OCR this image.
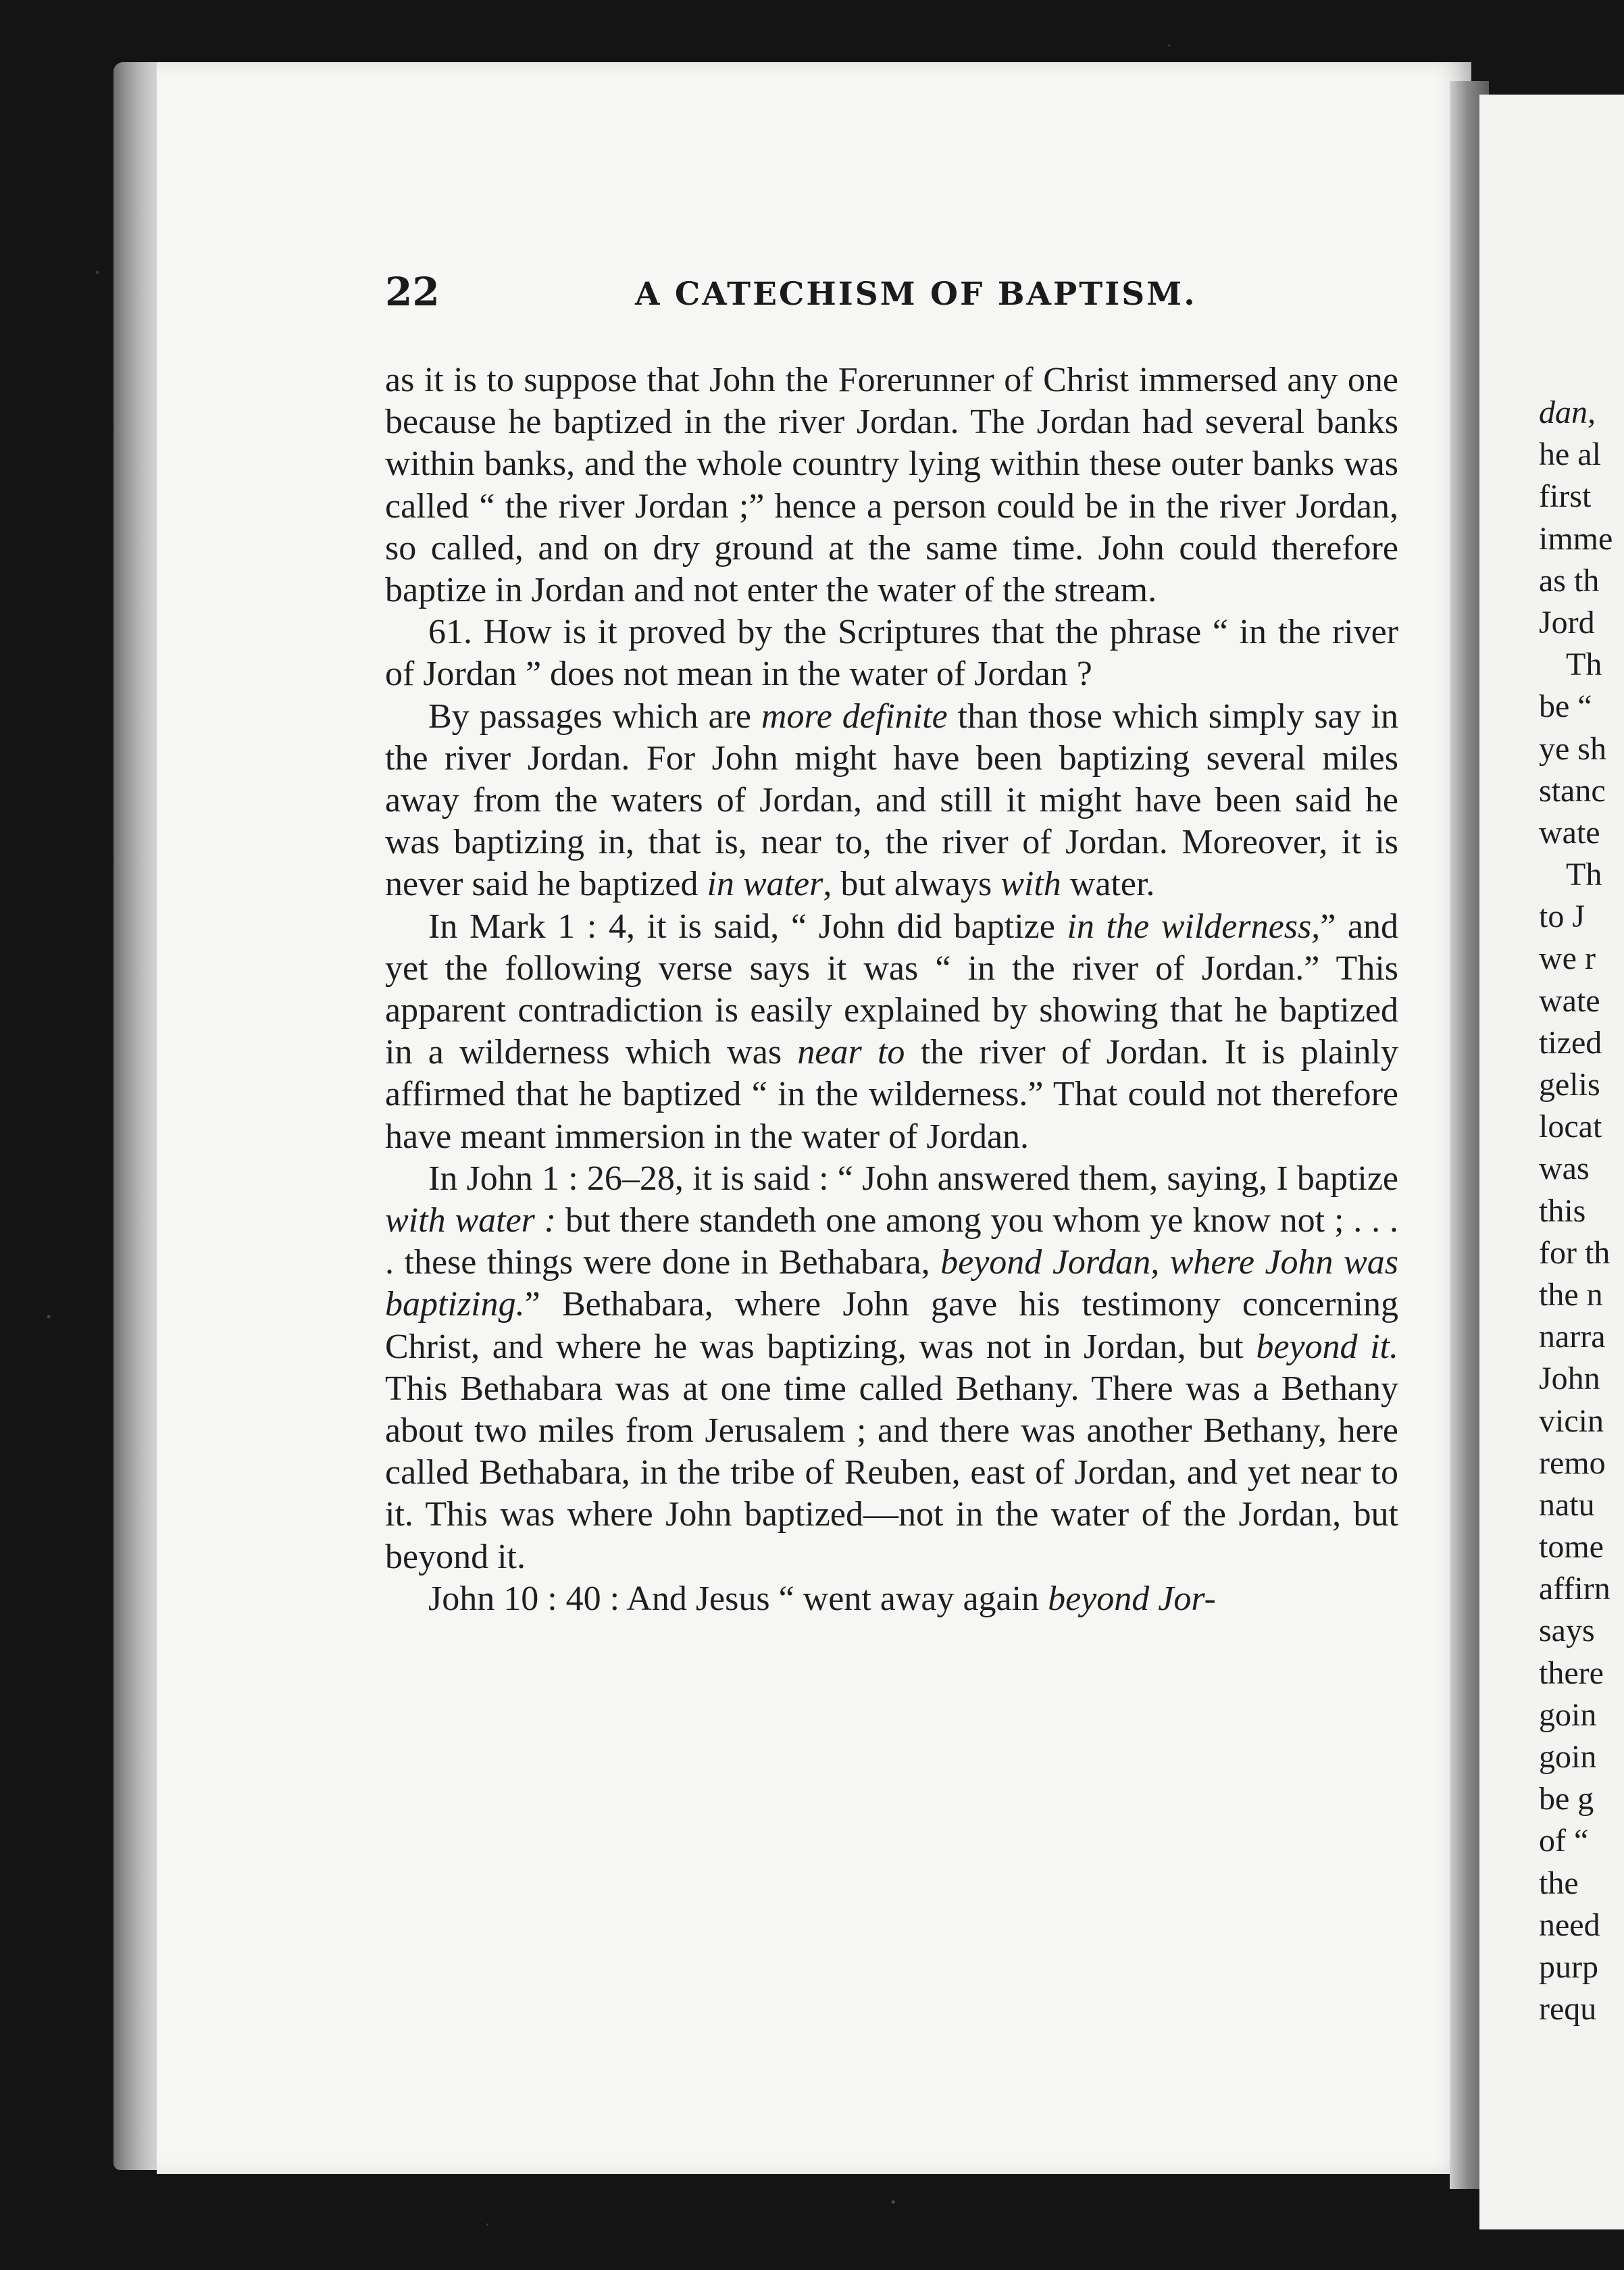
22	A CATECHISM OF BAPTISM.

as it is to suppose that John the Forerunner of Christ immersed any one because he baptized in the river Jordan. The Jordan had several banks within banks, and the whole country lying within these outer banks was called “ the river Jordan ;” hence a person could be in the river Jordan, so called, and on dry ground at the same time. John could therefore baptize in Jordan and not enter the water of the stream.

61. How is it proved by the Scriptures that the phrase “ in the river of Jordan ” does not mean in the water of Jordan ?

By passages which are more definite than those which simply say in the river Jordan. For John might have been baptizing several miles away from the waters of Jordan, and still it might have been said he was baptizing in, that is, near to, the river of Jordan. Moreover, it is never said he baptized in water, but always with water.

In Mark 1 : 4, it is said, “ John did baptize in the wilderness,” and yet the following verse says it was “ in the river of Jordan.” This apparent contradiction is easily explained by showing that he baptized in a wilderness which was near to the river of Jordan. It is plainly affirmed that he baptized “ in the wilderness.” That could not therefore have meant immersion in the water of Jordan.

In John 1 : 26–28, it is said : “ John answered them, saying, I baptize with water : but there standeth one among you whom ye know not ; . . . . these things were done in Bethabara, beyond Jordan, where John was baptizing.” Bethabara, where John gave his testimony concerning Christ, and where he was baptizing, was not in Jordan, but beyond it. This Bethabara was at one time called Bethany. There was a Bethany about two miles from Jerusalem ; and there was another Bethany, here called Bethabara, in the tribe of Reuben, east of Jordan, and yet near to it. This was where John baptized—not in the water of the Jordan, but beyond it.

John 10 : 40 : And Jesus “ went away again beyond Jor-

dan,
he al
first
imme
as th
Jord
Th
be “
ye sh
stanc
wate
Th
to J
we r
wate
tized
gelis
locat
was
this
for th
the n
narra
John
vicin
remo
natu
tome
affirn
says
there
goin
goin
be g
of “
the
need
purp
requ
